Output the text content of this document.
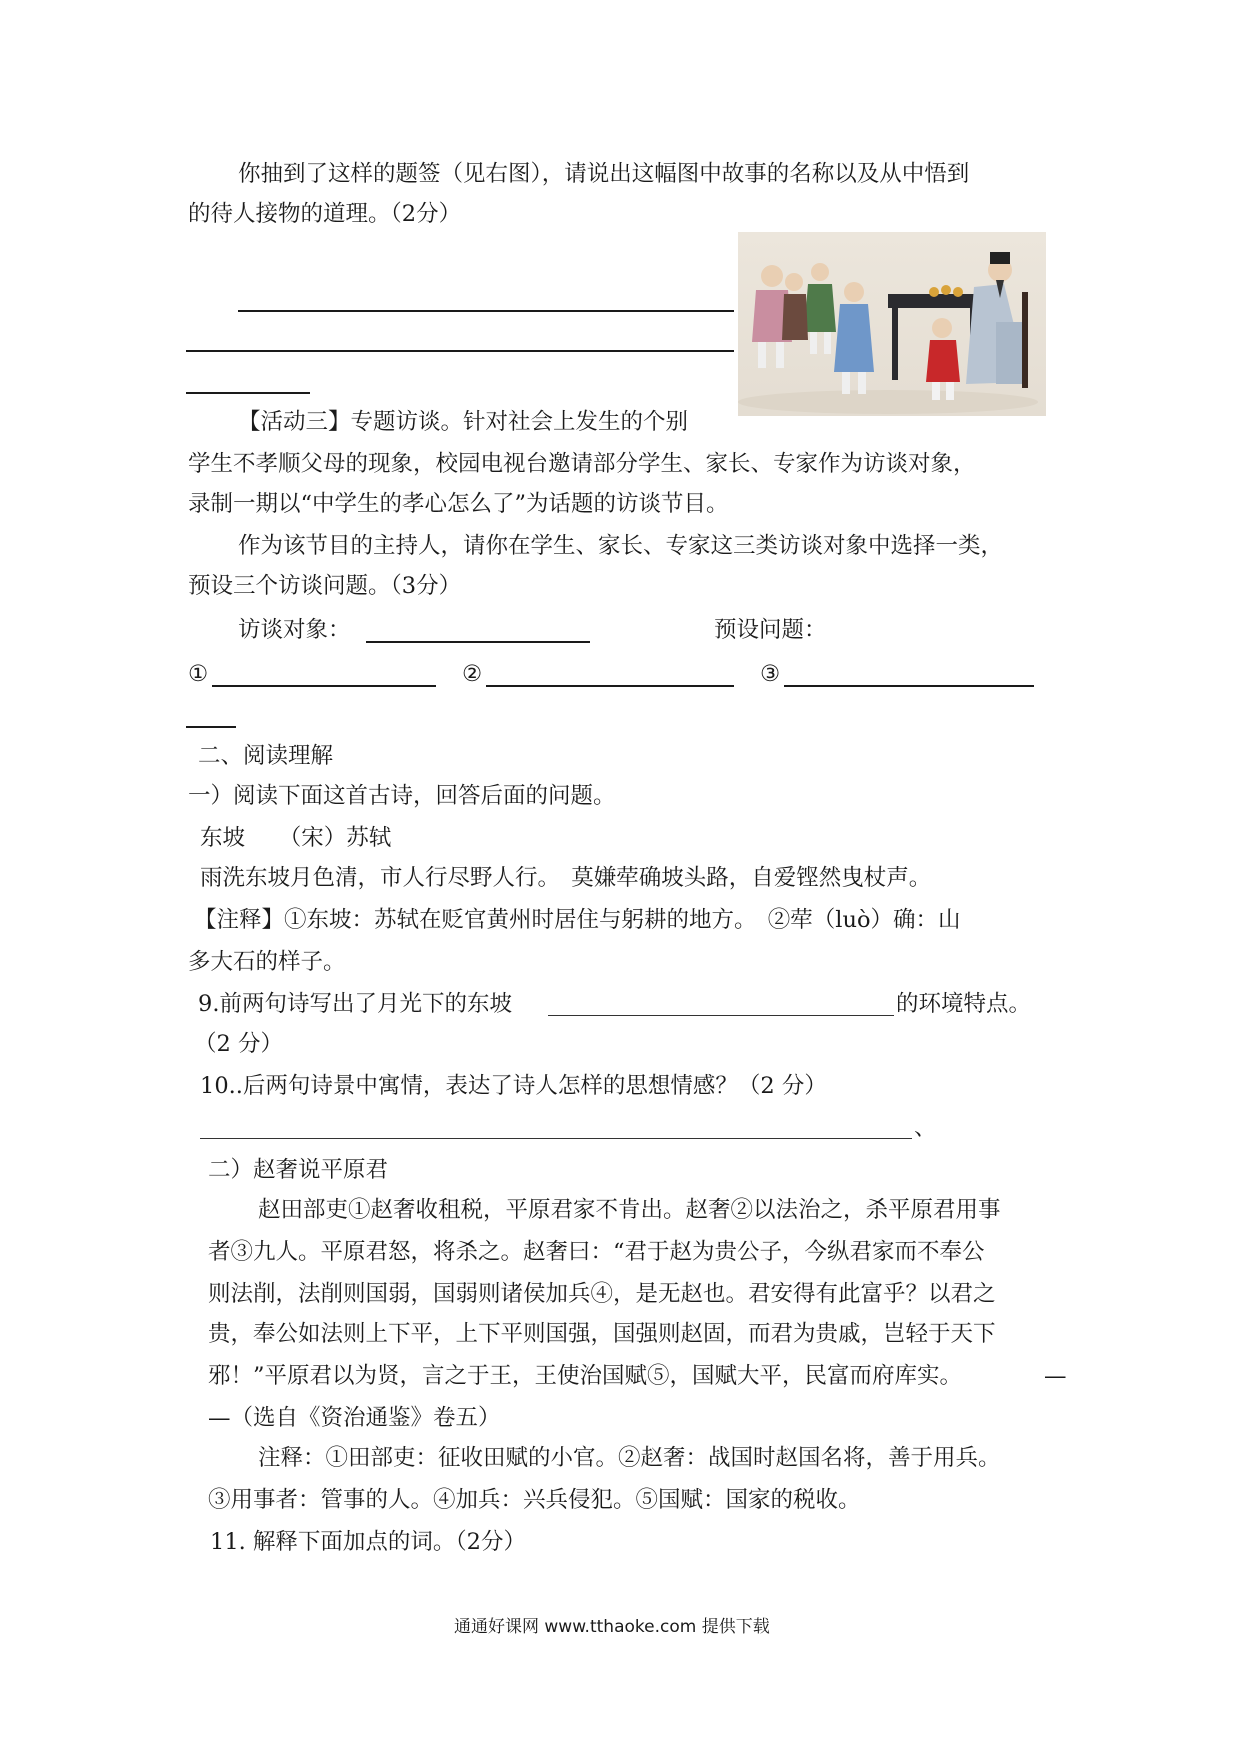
你抽到了这样的题签（见右图），请说出这幅图中故事的名称以及从中悟到
的待人接物的道理。（2分）
【活动三】专题访谈。针对社会上发生的个别
学生不孝顺父母的现象，校园电视台邀请部分学生、家长、专家作为访谈对象，
录制一期以“中学生的孝心怎么了”为话题的访谈节目。
作为该节目的主持人，请你在学生、家长、专家这三类访谈对象中选择一类，
预设三个访谈问题。（3分）
访谈对象：	预设问题：
①	②	③
二、阅读理解
一）阅读下面这首古诗，回答后面的问题。
东坡　　（宋）苏轼
雨洗东坡月色清，市人行尽野人行。　莫嫌荦确坡头路，自爱铿然曳杖声。
【注释】①东坡：苏轼在贬官黄州时居住与躬耕的地方。　②荦（luò）确：山
多大石的样子。
9.前两句诗写出了月光下的东坡	的环境特点。
（2 分）
10..后两句诗景中寓情，表达了诗人怎样的思想情感？（2 分）
、
二）赵奢说平原君
赵田部吏①赵奢收租税，平原君家不肯出。赵奢②以法治之，杀平原君用事
者③九人。平原君怒，将杀之。赵奢曰：“君于赵为贵公子，今纵君家而不奉公
则法削，法削则国弱，国弱则诸侯加兵④，是无赵也。君安得有此富乎？以君之
贵，奉公如法则上下平，上下平则国强，国强则赵固，而君为贵戚，岂轻于天下
邪！”平原君以为贤，言之于王，王使治国赋⑤，国赋大平，民富而府库实。	—
—（选自《资治通鉴》卷五）
注释：①田部吏：征收田赋的小官。②赵奢：战国时赵国名将，善于用兵。
③用事者：管事的人。④加兵：兴兵侵犯。⑤国赋：国家的税收。
11. 解释下面加点的词。（2分）
通通好课网 www.tthaoke.com 提供下载
